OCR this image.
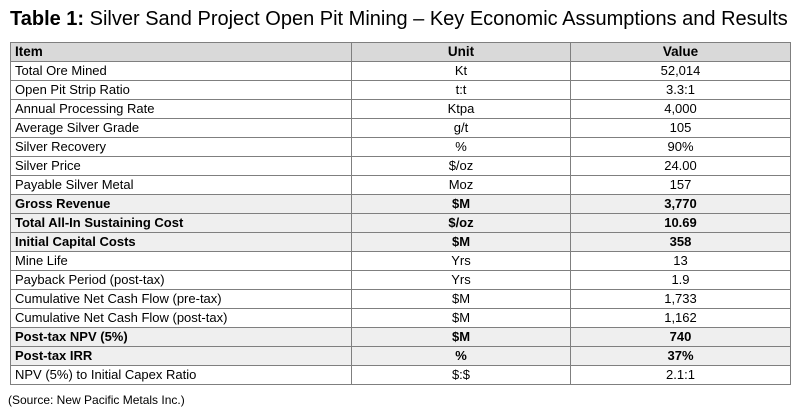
Table 1: Silver Sand Project Open Pit Mining – Key Economic Assumptions and Results
Item	Unit	Value
Total Ore Mined	Kt	52,014
Open Pit Strip Ratio	t:t	3.3:1
Annual Processing Rate	Ktpa	4,000
Average Silver Grade	g/t	105
Silver Recovery	%	90%
Silver Price	$/oz	24.00
Payable Silver Metal	Moz	157
Gross Revenue	$M	3,770
Total All-In Sustaining Cost	$/oz	10.69
Initial Capital Costs	$M	358
Mine Life	Yrs	13
Payback Period (post-tax)	Yrs	1.9
Cumulative Net Cash Flow (pre-tax)	$M	1,733
Cumulative Net Cash Flow (post-tax)	$M	1,162
Post-tax NPV (5%)	$M	740
Post-tax IRR	%	37%
NPV (5%) to Initial Capex Ratio	$:$	2.1:1
(Source: New Pacific Metals Inc.)
